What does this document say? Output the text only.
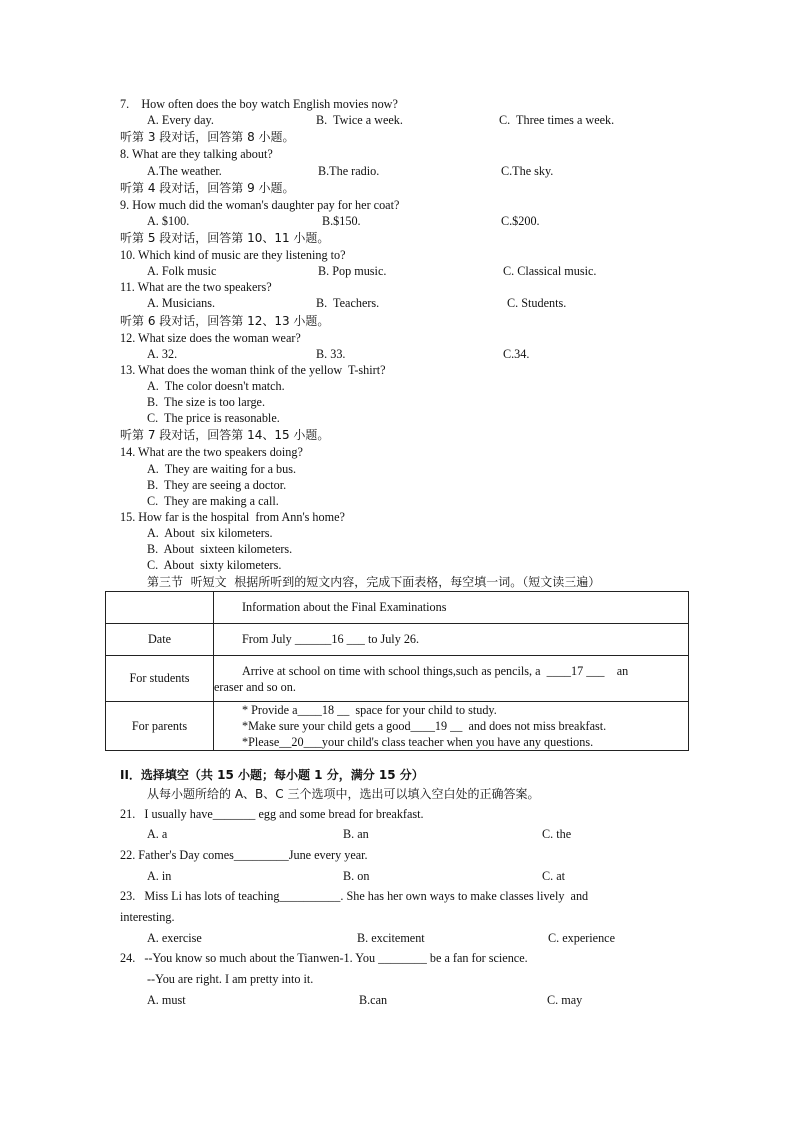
7.    How often does the boy watch English movies now?
A. Every day.	B.  Twice a week.	C.  Three times a week.
听第 3 段对话，回答第 8 小题。
8. What are they talking about?
A.The weather.	B.The radio.	C.The sky.
听第 4 段对话，回答第 9 小题。
9. How much did the woman's daughter pay for her coat?
A. $100.	B.$150.	C.$200.
听第 5 段对话，回答第 10、11 小题。
10. Which kind of music are they listening to?
A. Folk music	B. Pop music.	C. Classical music.
11. What are the two speakers?
A. Musicians.	B.  Teachers.	C. Students.
听第 6 段对话，回答第 12、13 小题。
12. What size does the woman wear?
A. 32.	B. 33.	C.34.
13. What does the woman think of the yellow  T-shirt?
A.  The color doesn't match.
B.  The size is too large.
C.  The price is reasonable.
听第 7 段对话，回答第 14、15 小题。
14. What are the two speakers doing?
A.  They are waiting for a bus.
B.  They are seeing a doctor.
C.  They are making a call.
15. How far is the hospital  from Ann's home?
A.  About  six kilometers.
B.  About  sixteen kilometers.
C.  About  sixty kilometers.
第三节  听短文  根据所听到的短文内容，完成下面表格，每空填一词。（短文读三遍）
	Information about the Final Examinations
Date	From July ______16 ___ to July 26.
For students	Arrive at school on time with school things,such as pencils, a  ____17 ___    an
eraser and so on.

For parents	* Provide a____18 __  space for your child to study.
*Make sure your child gets a good____19 __  and does not miss breakfast.
*Please__20___your child's class teacher when you have any questions.
II．选择填空（共 15 小题；每小题 1 分，满分 15 分）
从每小题所给的 A、B、C 三个选项中，选出可以填入空白处的正确答案。
21.   I usually have_______ egg and some bread for breakfast.
A. a	B. an	C. the
22. Father's Day comes_________June every year.
A. in	B. on	C. at
23.   Miss Li has lots of teaching__________. She has her own ways to make classes lively  and
interesting.
A. exercise	B. excitement	C. experience
24.   --You know so much about the Tianwen-1. You ________ be a fan for science.
--You are right. I am pretty into it.
A. must	B.can	C. may
